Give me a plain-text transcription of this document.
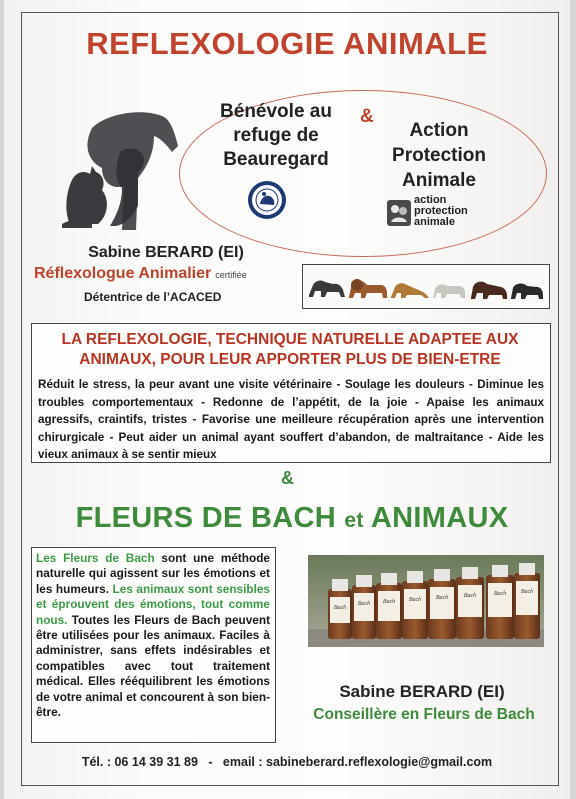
REFLEXOLOGIE ANIMALE
Bénévole au
refuge de
Beauregard
&
Action
Protection
Animale
action
protection
animale
Sabine BERARD (EI)
Réflexologue Animalier certifiée
Détentrice de l’ACACED
LA REFLEXOLOGIE, TECHNIQUE NATURELLE ADAPTEE AUX ANIMAUX, POUR LEUR APPORTER PLUS DE BIEN-ETRE
Réduit le stress, la peur avant une visite vétérinaire - Soulage les douleurs - Diminue les troubles comportementaux - Redonne de l’appétit, de la joie - Apaise les animaux agressifs, craintifs, tristes - Favorise une meilleure récupération après une intervention chirurgicale - Peut aider un animal ayant souffert d’abandon, de maltraitance - Aide les vieux animaux à se sentir mieux
&
FLEURS DE BACH et ANIMAUX
Les Fleurs de Bach sont une méthode naturelle qui agissent sur les émotions et les humeurs. Les animaux sont sensibles et éprouvent des émotions, tout comme nous. Toutes les Fleurs de Bach peuvent être utilisées pour les animaux. Faciles à administrer, sans effets indésirables et compatibles avec tout traitement médical. Elles rééquilibrent les émotions de votre animal et concourent à son bien-être.
Bach
Bach Bach Bach Bach	Bach	Bach Bach
Sabine BERARD (EI)
Conseillère en Fleurs de Bach
Tél. : 06 14 39 31 89 - email : sabineberard.reflexologie@gmail.com
